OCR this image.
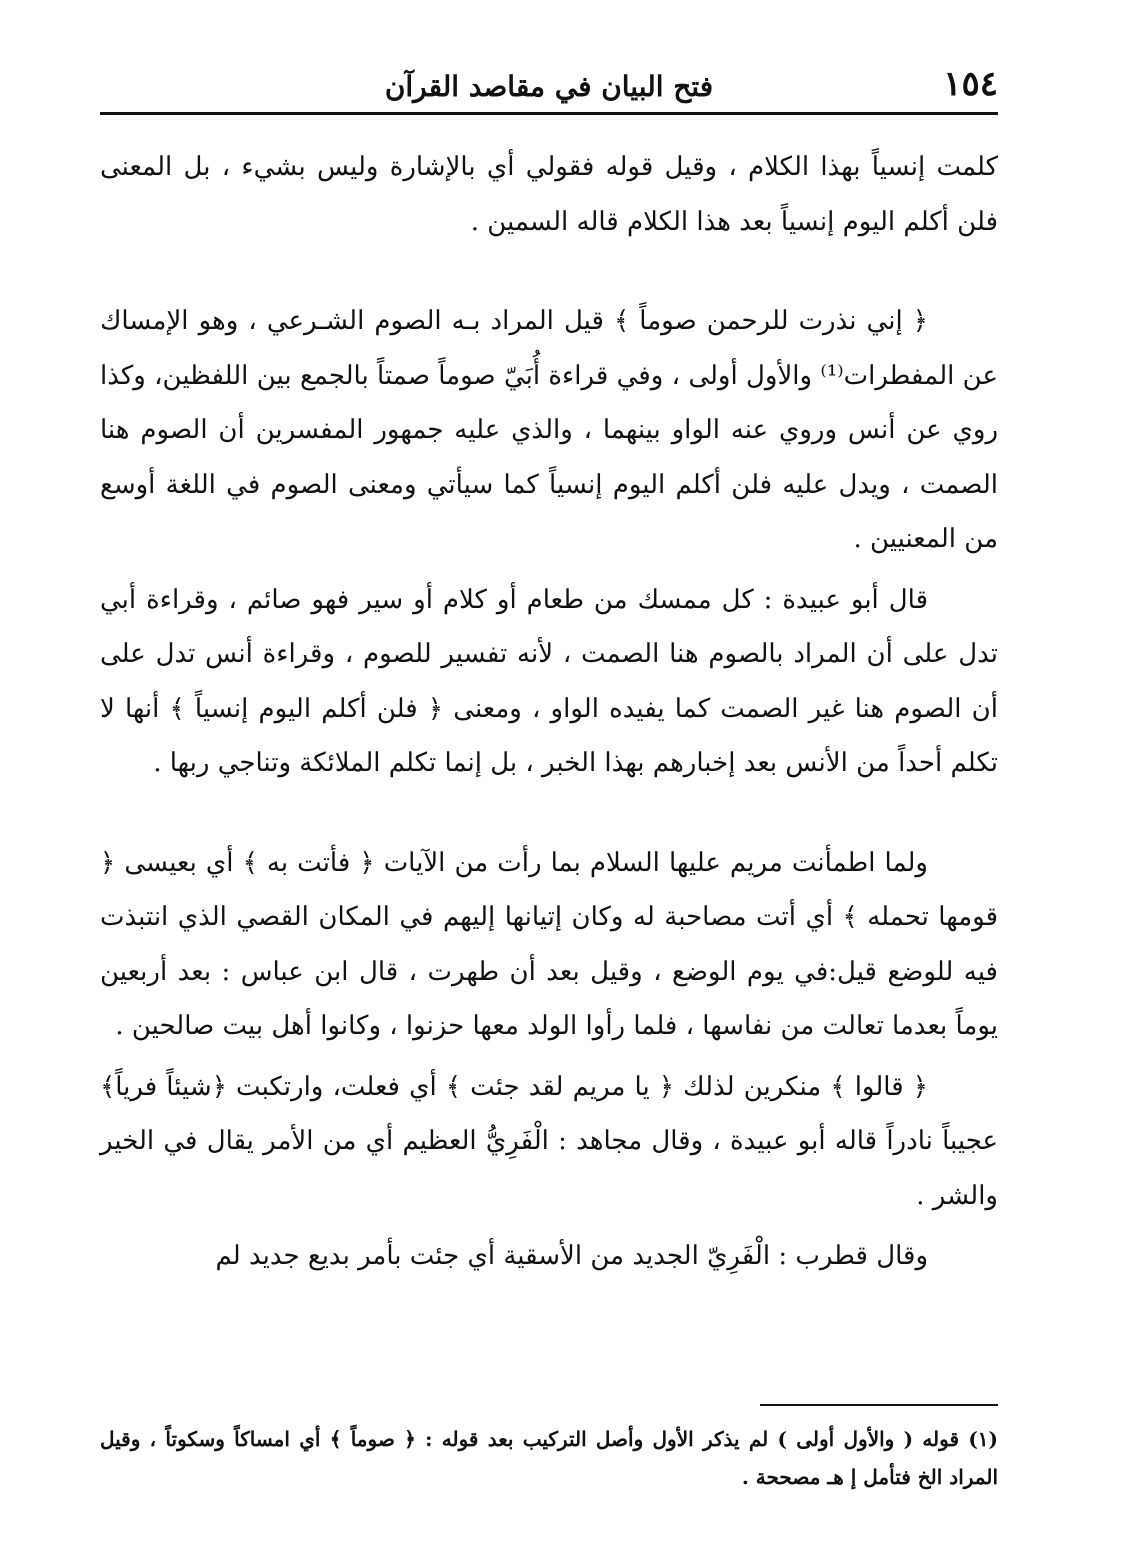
١٥٤
فتح البيان في مقاصد القرآن

كلمت إنسياً بهذا الكلام ، وقيل قوله فقولي أي بالإشارة وليس بشيء ، بل المعنى فلن أكلم اليوم إنسياً بعد هذا الكلام قاله السمين .

﴿ إني نذرت للرحمن صوماً ﴾ قيل المراد بـه الصوم الشـرعي ، وهو الإمساك عن المفطرات⁽¹⁾ والأول أولى ، وفي قراءة أُبَيّ صوماً صمتاً بالجمع بين اللفظين، وكذا روي عن أنس وروي عنه الواو بينهما ، والذي عليه جمهور المفسرين أن الصوم هنا الصمت ، ويدل عليه فلن أكلم اليوم إنسياً كما سيأتي ومعنى الصوم في اللغة أوسع من المعنيين .

قال أبو عبيدة : كل ممسك من طعام أو كلام أو سير فهو صائم ، وقراءة أبي تدل على أن المراد بالصوم هنا الصمت ، لأنه تفسير للصوم ، وقراءة أنس تدل على أن الصوم هنا غير الصمت كما يفيده الواو ، ومعنى ﴿ فلن أكلم اليوم إنسياً ﴾ أنها لا تكلم أحداً من الأنس بعد إخبارهم بهذا الخبر ، بل إنما تكلم الملائكة وتناجي ربها .

ولما اطمأنت مريم عليها السلام بما رأت من الآيات ﴿ فأتت به ﴾ أي بعيسى ﴿ قومها تحمله ﴾ أي أتت مصاحبة له وكان إتيانها إليهم في المكان القصي الذي انتبذت فيه للوضع قيل:في يوم الوضع ، وقيل بعد أن طهرت ، قال ابن عباس : بعد أربعين يوماً بعدما تعالت من نفاسها ، فلما رأوا الولد معها حزنوا ، وكانوا أهل بيت صالحين .

﴿ قالوا ﴾ منكرين لذلك ﴿ يا مريم لقد جئت ﴾ أي فعلت، وارتكبت ﴿شيئاً فرياً﴾ عجيباً نادراً قاله أبو عبيدة ، وقال مجاهد : الْفَرِيُّ العظيم أي من الأمر يقال في الخير والشر .

وقال قطرب : الْفَرِيّ الجديد من الأسقية أي جئت بأمر بديع جديد لم

(١) قوله ( والأول أولى ) لم يذكر الأول وأصل التركيب بعد قوله : ﴿ صوماً ﴾ أي امساكاً وسكوتاً ، وقيل المراد الخ فتأمل إ هـ مصححة .
